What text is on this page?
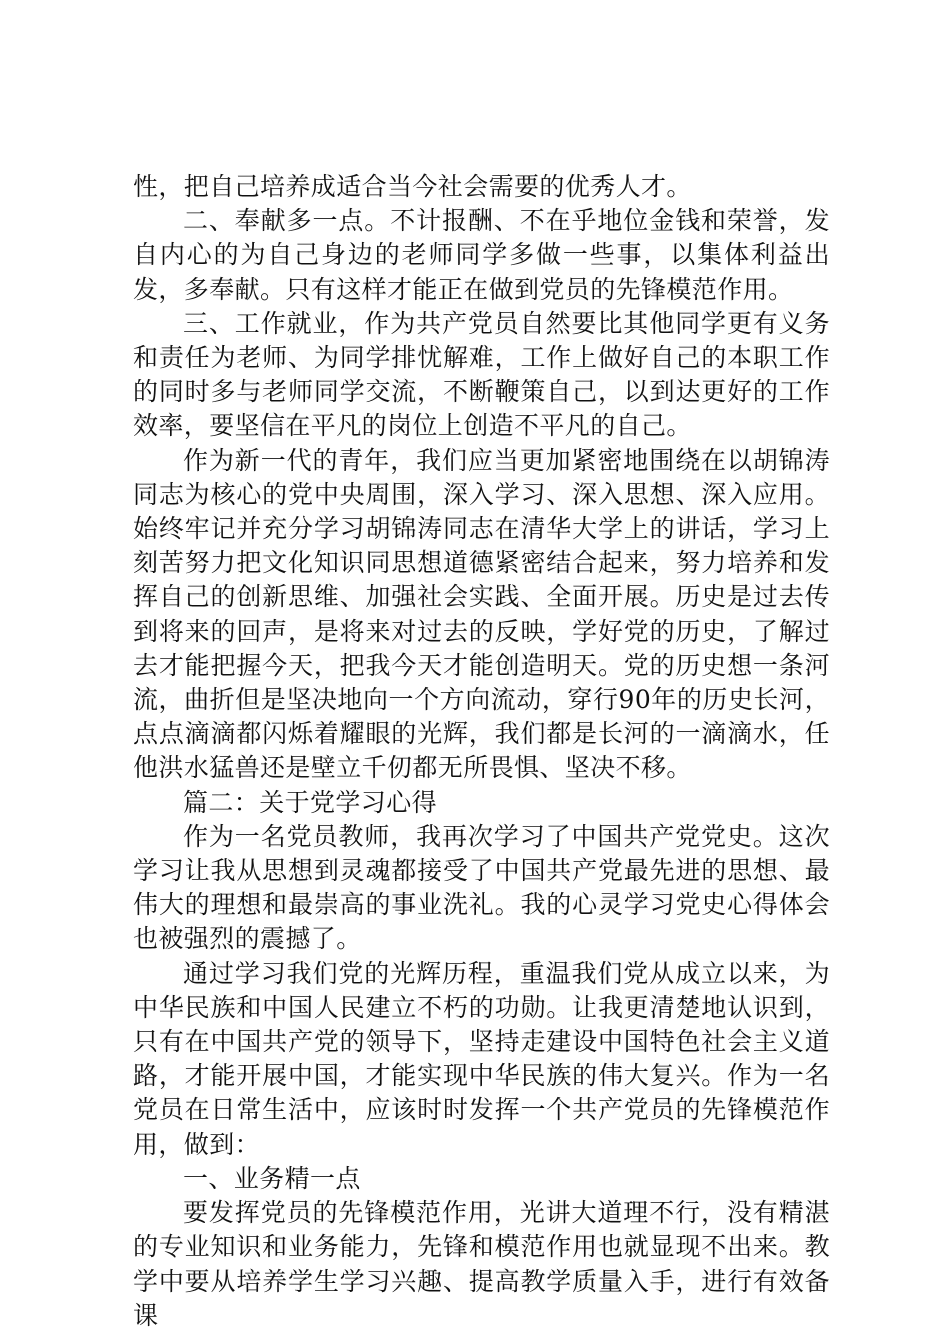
性，把自己培养成适合当今社会需要的优秀人才。

二、奉献多一点。不计报酬、不在乎地位金钱和荣誉，发自内心的为自己身边的老师同学多做一些事，以集体利益出发，多奉献。只有这样才能正在做到党员的先锋模范作用。

三、工作就业，作为共产党员自然要比其他同学更有义务和责任为老师、为同学排忧解难，工作上做好自己的本职工作的同时多与老师同学交流，不断鞭策自己，以到达更好的工作效率，要坚信在平凡的岗位上创造不平凡的自己。

作为新一代的青年，我们应当更加紧密地围绕在以胡锦涛同志为核心的党中央周围，深入学习、深入思想、深入应用。始终牢记并充分学习胡锦涛同志在清华大学上的讲话，学习上刻苦努力把文化知识同思想道德紧密结合起来，努力培养和发挥自己的创新思维、加强社会实践、全面开展。历史是过去传到将来的回声，是将来对过去的反映，学好党的历史，了解过去才能把握今天，把我今天才能创造明天。党的历史想一条河流，曲折但是坚决地向一个方向流动，穿行90年的历史长河，点点滴滴都闪烁着耀眼的光辉，我们都是长河的一滴滴水，任他洪水猛兽还是壁立千仞都无所畏惧、坚决不移。

篇二：关于党学习心得

作为一名党员教师，我再次学习了中国共产党党史。这次学习让我从思想到灵魂都接受了中国共产党最先进的思想、最伟大的理想和最崇高的事业洗礼。我的心灵学习党史心得体会也被强烈的震撼了。

通过学习我们党的光辉历程，重温我们党从成立以来，为中华民族和中国人民建立不朽的功勋。让我更清楚地认识到，只有在中国共产党的领导下，坚持走建设中国特色社会主义道路，才能开展中国，才能实现中华民族的伟大复兴。作为一名党员在日常生活中，应该时时发挥一个共产党员的先锋模范作用，做到：

一、业务精一点

要发挥党员的先锋模范作用，光讲大道理不行，没有精湛的专业知识和业务能力，先锋和模范作用也就显现不出来。教学中要从培养学生学习兴趣、提高教学质量入手，进行有效备课
